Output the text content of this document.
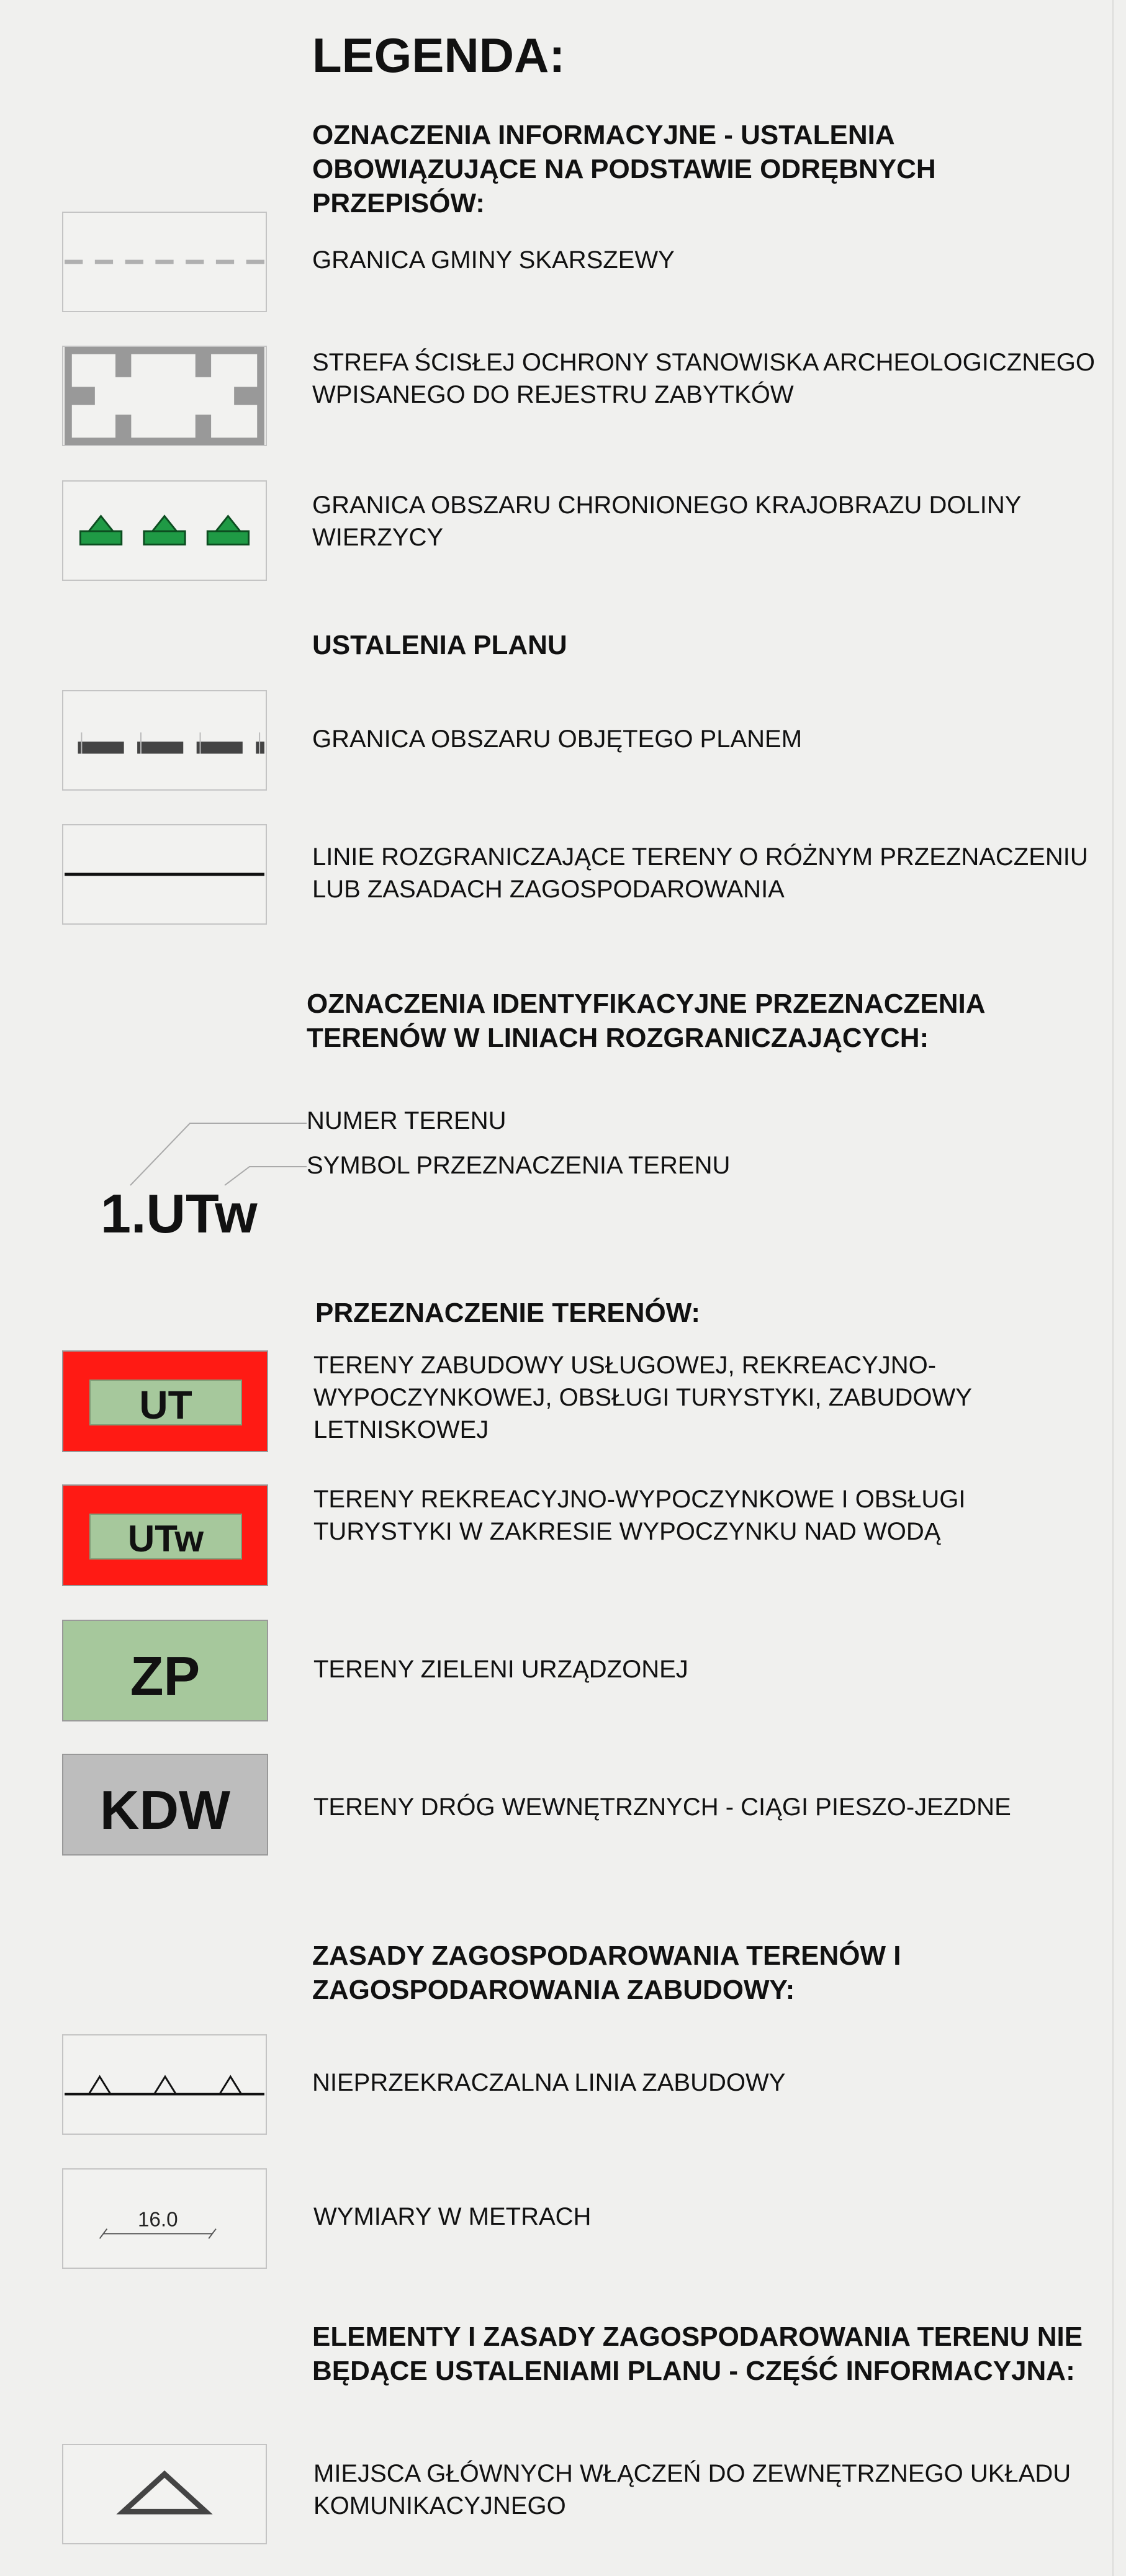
LEGENDA:

OZNACZENIA INFORMACYJNE - USTALENIA OBOWIĄZUJĄCE NA PODSTAWIE ODRĘBNYCH PRZEPISÓW:

GRANICA GMINY SKARSZEWY

STREFA ŚCISŁEJ OCHRONY STANOWISKA ARCHEOLOGICZNEGO WPISANEGO DO REJESTRU ZABYTKÓW

GRANICA OBSZARU CHRONIONEGO KRAJOBRAZU DOLINY WIERZYCY

USTALENIA PLANU

GRANICA OBSZARU OBJĘTEGO PLANEM

LINIE ROZGRANICZAJĄCE TERENY O RÓŻNYM PRZEZNACZENIU LUB ZASADACH ZAGOSPODAROWANIA

OZNACZENIA IDENTYFIKACYJNE PRZEZNACZENIA TERENÓW W LINIACH ROZGRANICZAJĄCYCH:

NUMER TERENU

SYMBOL PRZEZNACZENIA TERENU

1.UTw

PRZEZNACZENIE TERENÓW:

UT

TERENY ZABUDOWY USŁUGOWEJ, REKREACYJNO-WYPOCZYNKOWEJ, OBSŁUGI TURYSTYKI, ZABUDOWY LETNISKOWEJ

UTw

TERENY REKREACYJNO-WYPOCZYNKOWE I OBSŁUGI TURYSTYKI W ZAKRESIE WYPOCZYNKU NAD WODĄ

ZP	TERENY ZIELENI URZĄDZONEJ

KDW	TERENY DRÓG WEWNĘTRZNYCH - CIĄGI PIESZO-JEZDNE

ZASADY ZAGOSPODAROWANIA TERENÓW I ZAGOSPODAROWANIA ZABUDOWY:

NIEPRZEKRACZALNA LINIA ZABUDOWY

16.0	WYMIARY W METRACH

ELEMENTY I ZASADY ZAGOSPODAROWANIA TERENU NIE BĘDĄCE USTALENIAMI PLANU - CZĘŚĆ INFORMACYJNA:

MIEJSCA GŁÓWNYCH WŁĄCZEŃ DO ZEWNĘTRZNEGO UKŁADU KOMUNIKACYJNEGO
